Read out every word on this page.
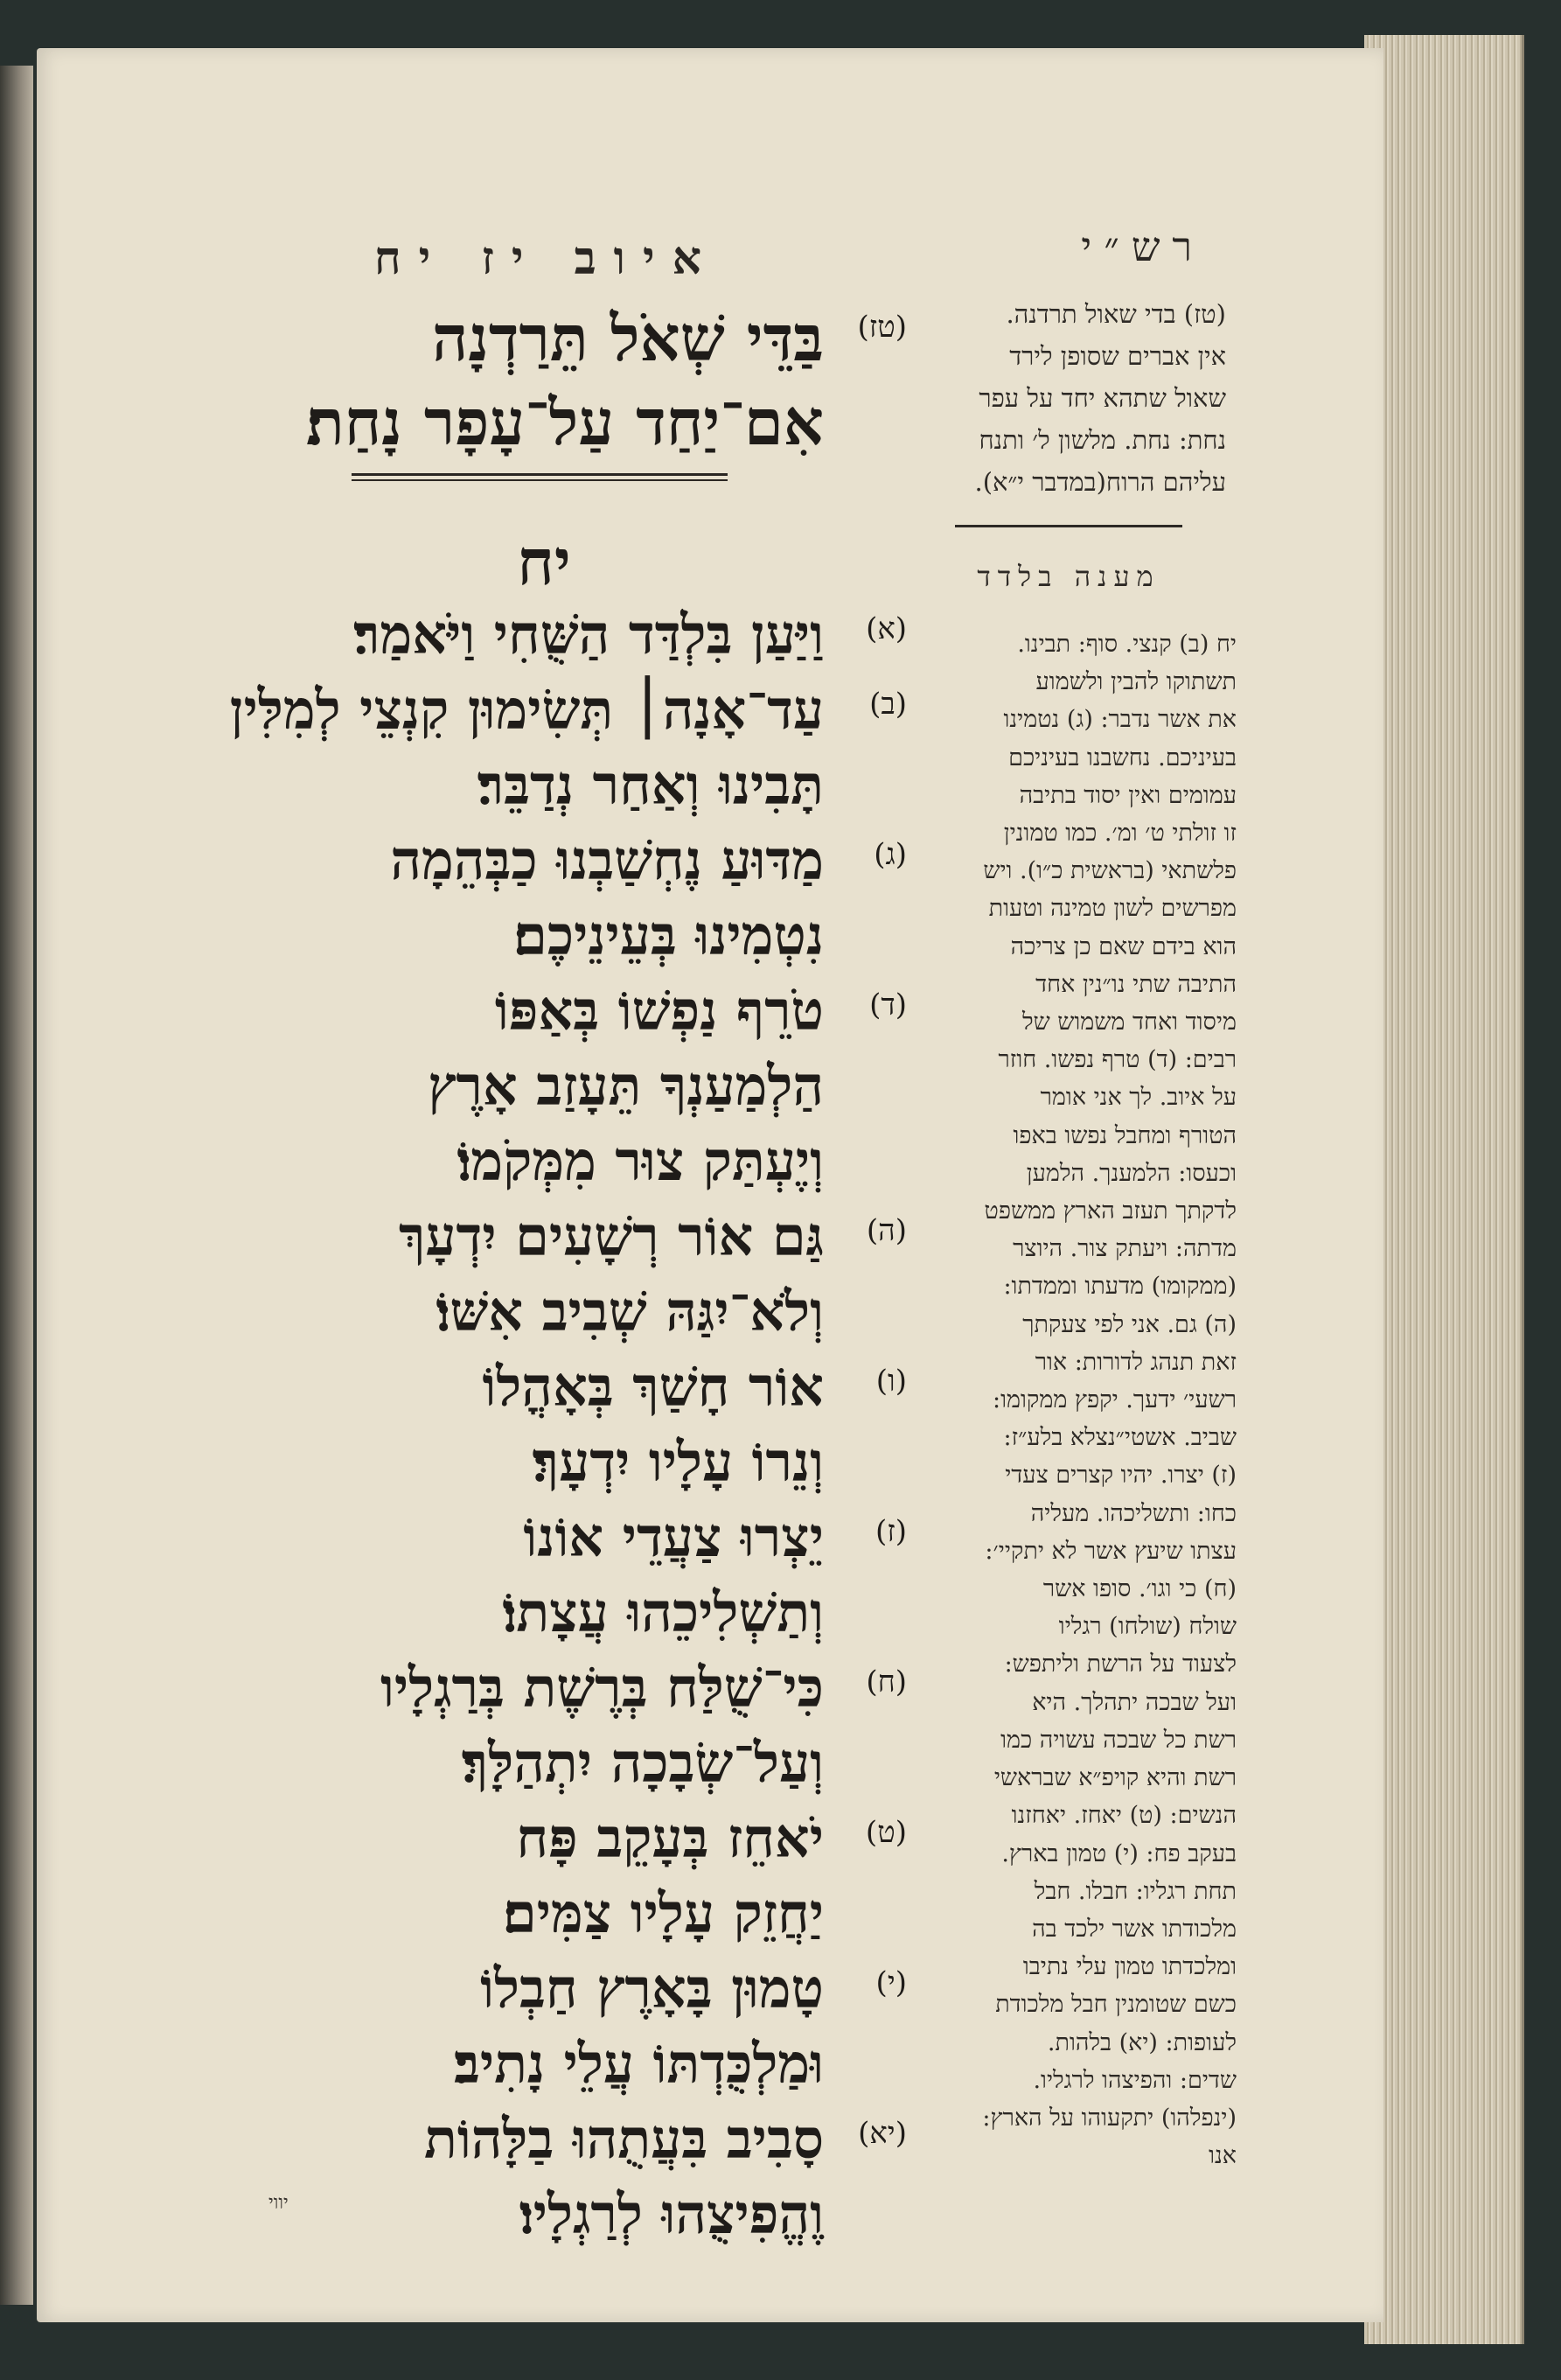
רש״י
איוב יז יח
(טז)
בַּדֵּי שְׁאֹל תֵּרַדְנָה
אִם־יַחַד עַל־עָפָר נָחַת׃
יח
(א)
וַיַּעַן בִּלְדַּד הַשֻּׁחִי וַיֹּאמַר׃
(ב)
עַד־אָנָה׀ תְּשִׂימוּן קִנְצֵי לְמִלִּין
תָּבִינוּ וְאַחַר נְדַבֵּר׃
(ג)
מַדּוּעַ נֶחְשַׁבְנוּ כַבְּהֵמָה
נִטְמִינוּ בְּעֵינֵיכֶם׃
(ד)
טֹרֵף נַפְשׁוֹ בְּאַפּוֹ
הַלְמַעַנְךָ תֵּעָזַב אָרֶץ
וְיֶעְתַּק צוּר מִמְּקֹמוֹ׃
(ה)
גַּם אוֹר רְשָׁעִים יִדְעָךְ
וְלֹא־יִגַּהּ שְׁבִיב אִשּׁוֹ׃
(ו)
אוֹר חָשַׁךְ בְּאָהֳלוֹ
וְנֵרוֹ עָלָיו יִדְעָךְ׃
(ז)
יֵצְרוּ צַעֲדֵי אוֹנוֹ
וְתַשְׁלִיכֵהוּ עֲצָתוֹ׃
(ח)
כִּי־שֻׁלַּח בְּרֶשֶׁת בְּרַגְלָיו
וְעַל־שְׂבָכָה יִתְהַלָּךְ׃
(ט)
יֹאחֵז בְּעָקֵב פָּח
יַחֲזֵק עָלָיו צַמִּים׃
(י)
טָמוּן בָּאָרֶץ חַבְלוֹ
וּמַלְכֻּדְתּוֹ עֲלֵי נָתִיב׃
(יא)
סָבִיב בִּעֲתֻהוּ בַלָּהוֹת
וֶהֱפִיצֻהוּ לְרַגְלָיו׃

(טז) בדי שאול תרדנה.

אין אברים שסופן לירד

שאול שתהא יחד על עפר

נחת: נחת. מלשון ל׳ ותנח

עליהם הרוח(במדבר י״א).

מענה בלדד

יח (ב) קנצי. סוף: תבינו.

תשתוקו להבין ולשמוע

את אשר נדבר: (ג) נטמינו

בעיניכם. נחשבנו בעיניכם

עמומים ואין יסוד בתיבה

זו זולתי ט׳ ומ׳. כמו טמונין

פלשתאי (בראשית כ״ו). ויש

מפרשים לשון טמינה וטעות

הוא בידם שאם כן צריכה

התיבה שתי נו״נין אחד

מיסוד ואחד משמוש של

רבים: (ד) טרף נפשו. חוזר

על איוב. לך אני אומר

הטורף ומחבל נפשו באפו

וכעסו: הלמענך. הלמען

לדקתך תעזב הארץ ממשפט

מדתה: ויעתק צור. היוצר

(ממקומו) מדעתו וממדתו:

(ה) גם. אני לפי צעקתך

זאת תנהג לדורות: אור

רשעי׳ ידעך. יקפץ ממקומו:

שביב. אשטי״נצלא בלע״ז:

(ז) יצרו. יהיו קצרים צעדי

כחו: ותשליכהו. מעליה

עצתו שיעץ אשר לא יתקיי׳:

(ח) כי וגו׳. סופו אשר

שולח (שולחו) רגליו

לצעוד על הרשת וליתפש:

ועל שבכה יתהלך. היא

רשת כל שבכה עשויה כמו

רשת והיא קויפ״א שבראשי

הנשים: (ט) יאחז. יאחזנו

בעקב פח: (י) טמון בארץ.

תחת רגליו: חבלו. חבל

מלכודתו אשר ילכד בה

ומלכדתו טמון עלי נתיבו

כשם שטומנין חבל מלכודת

לעופות: (יא) בלהות.

שדים: והפיצהו לרגליו.

(ינפלהו) יתקעוהו על הארץ:

אנו

יווי
